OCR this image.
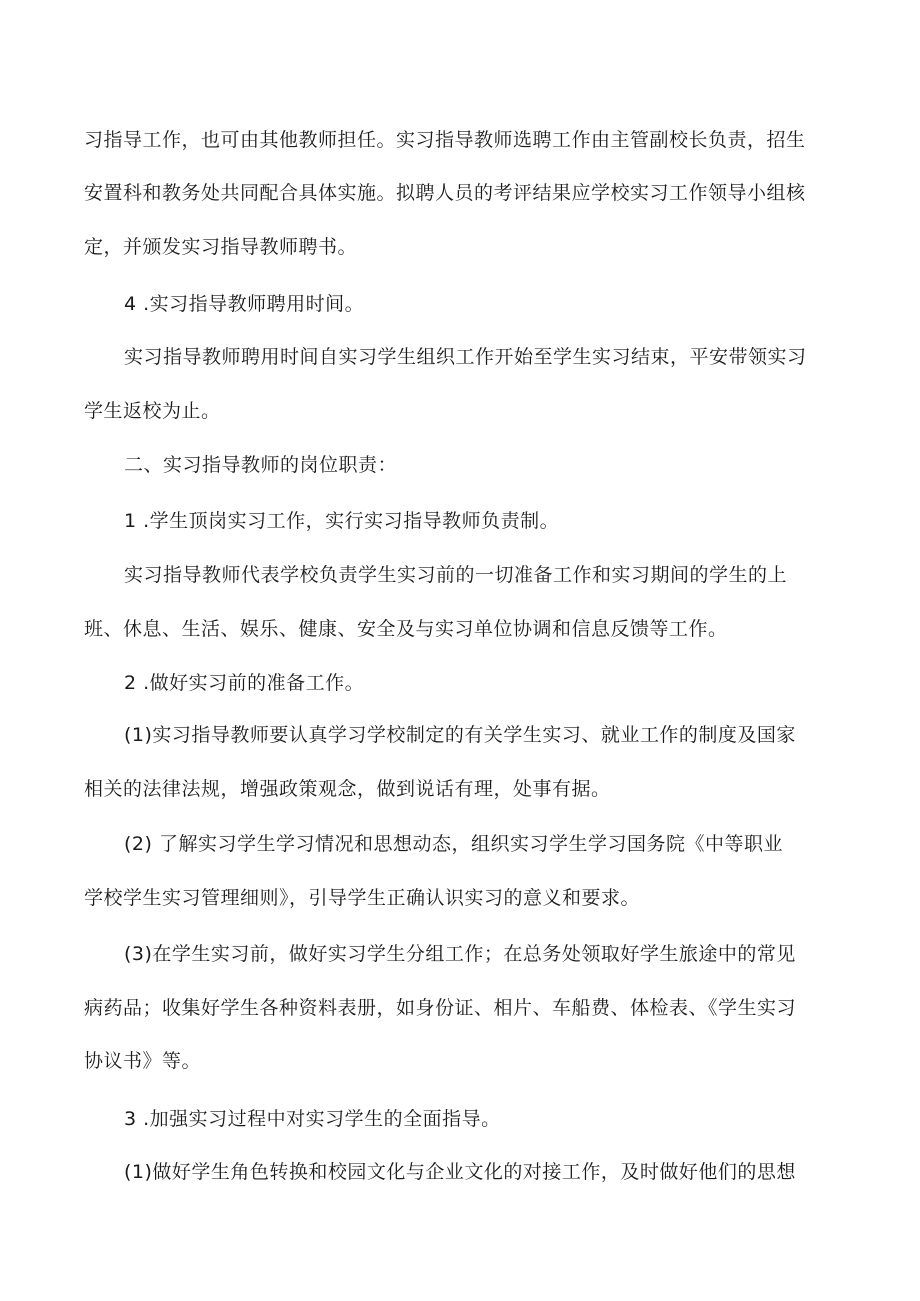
习指导工作，也可由其他教师担任。实习指导教师选聘工作由主管副校长负责，招生
安置科和教务处共同配合具体实施。拟聘人员的考评结果应学校实习工作领导小组核
定，并颁发实习指导教师聘书。
4 .实习指导教师聘用时间。
实习指导教师聘用时间自实习学生组织工作开始至学生实习结束，平安带领实习
学生返校为止。
二、实习指导教师的岗位职责：
1 .学生顶岗实习工作，实行实习指导教师负责制。
实习指导教师代表学校负责学生实习前的一切准备工作和实习期间的学生的上
班、休息、生活、娱乐、健康、安全及与实习单位协调和信息反馈等工作。
2 .做好实习前的准备工作。
(1)实习指导教师要认真学习学校制定的有关学生实习、就业工作的制度及国家
相关的法律法规，增强政策观念，做到说话有理，处事有据。
(2) 了解实习学生学习情况和思想动态，组织实习学生学习国务院《中等职业
学校学生实习管理细则》，引导学生正确认识实习的意义和要求。
(3)在学生实习前，做好实习学生分组工作；在总务处领取好学生旅途中的常见
病药品；收集好学生各种资料表册，如身份证、相片、车船费、体检表、《学生实习
协议书》等。
3 .加强实习过程中对实习学生的全面指导。
(1)做好学生角色转换和校园文化与企业文化的对接工作，及时做好他们的思想
